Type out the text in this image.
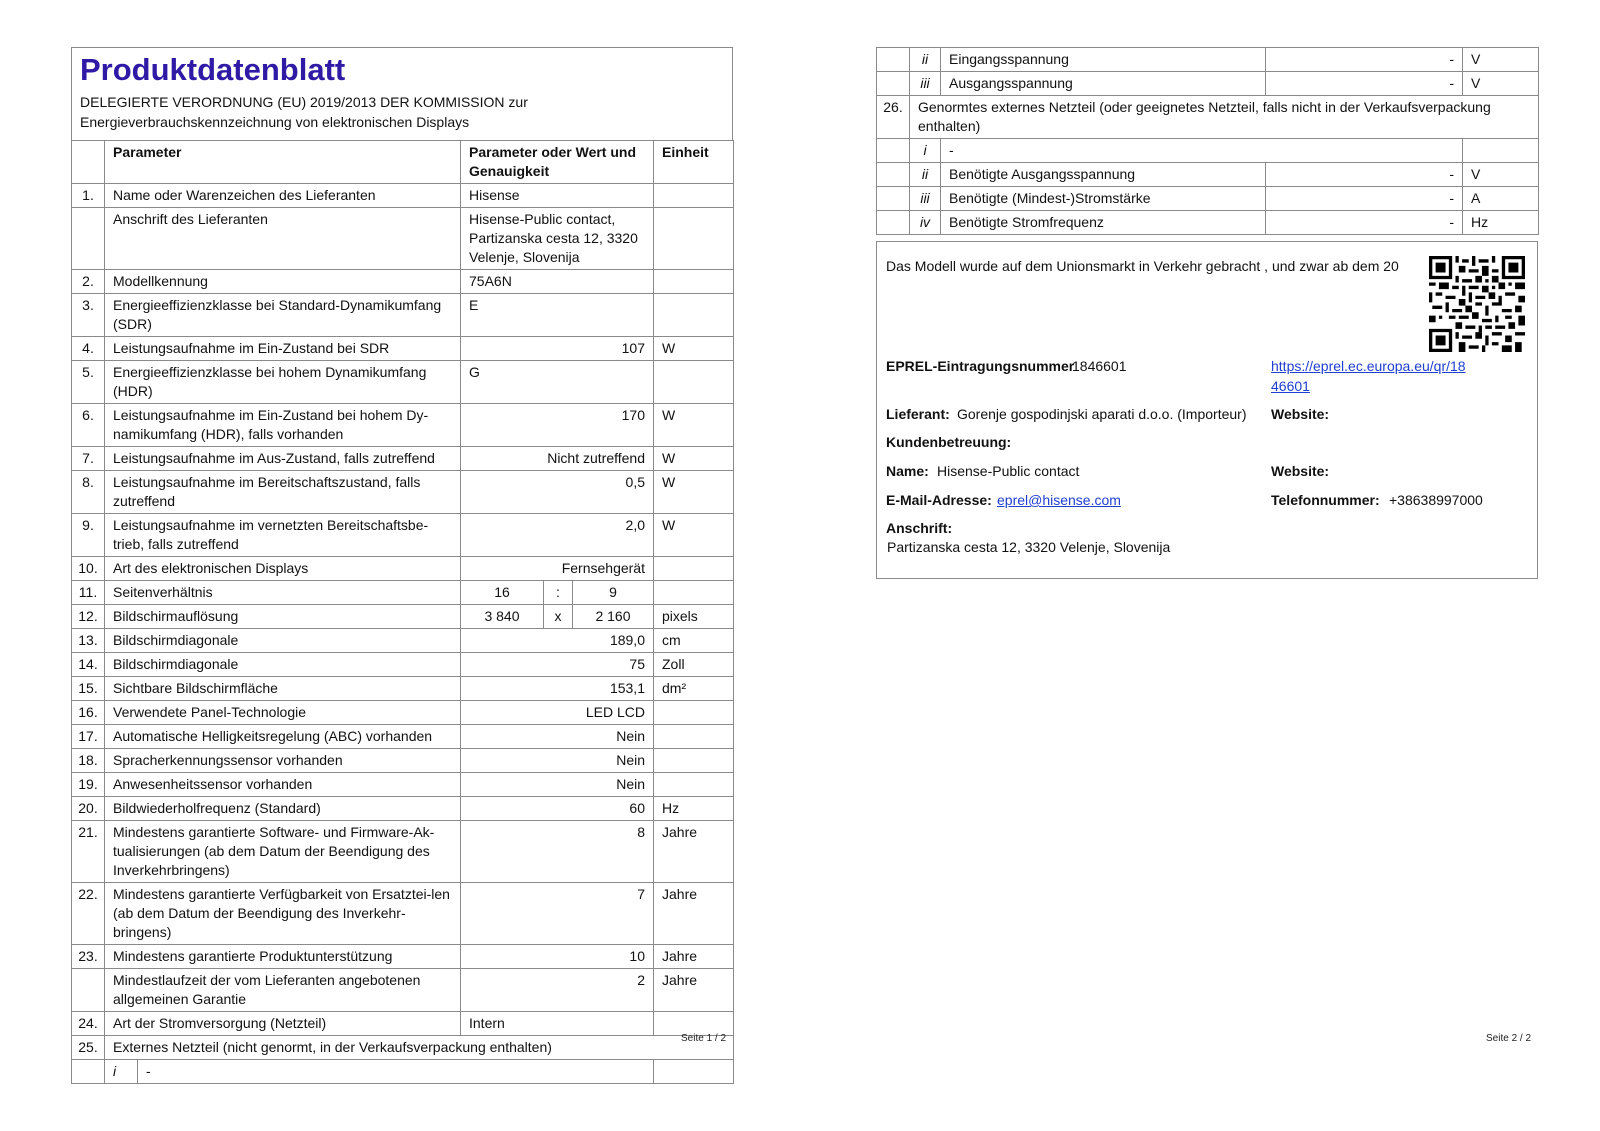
Produktdatenblatt
DELEGIERTE VERORDNUNG (EU) 2019/2013 DER KOMMISSION zur
Energieverbrauchskennzeichnung von elektronischen Displays
	Parameter		Parameter oder Wert und Genauigkeit			Einheit
1.	Name oder Warenzeichen des Lieferanten		Hisense			
	Anschrift des Lieferanten		Hisense-Public contact, Partizanska cesta 12, 3320 Velenje, Slovenija			
2.	Modellkennung		75A6N			
3.	Energieeffizienzklasse bei Standard-Dynamikumfang (SDR)		E			
4.	Leistungsaufnahme im Ein-Zustand bei SDR		107			W
5.	Energieeffizienzklasse bei hohem Dynamikumfang (HDR)		G			
6.	Leistungsaufnahme im Ein-Zustand bei hohem Dy-namikumfang (HDR), falls vorhanden		170			W
7.	Leistungsaufnahme im Aus-Zustand, falls zutreffend		Nicht zutreffend			W
8.	Leistungsaufnahme im Bereitschaftszustand, falls zutreffend		0,5			W
9.	Leistungsaufnahme im vernetzten Bereitschaftsbe-trieb, falls zutreffend		2,0			W
10.	Art des elektronischen Displays		Fernsehgerät			
11.	Seitenverhältnis		16	:	9	
12.	Bildschirmauflösung		3 840	x	2 160	pixels
13.	Bildschirmdiagonale		189,0			cm
14.	Bildschirmdiagonale		75			Zoll
15.	Sichtbare Bildschirmfläche		153,1			dm²
16.	Verwendete Panel-Technologie		LED LCD			
17.	Automatische Helligkeitsregelung (ABC) vorhanden		Nein			
18.	Spracherkennungssensor vorhanden		Nein			
19.	Anwesenheitssensor vorhanden		Nein			
20.	Bildwiederholfrequenz (Standard)		60			Hz
21.	Mindestens garantierte Software- und Firmware-Ak-tualisierungen (ab dem Datum der Beendigung des Inverkehrbringens)		8			Jahre
22.	Mindestens garantierte Verfügbarkeit von Ersatztei-len (ab dem Datum der Beendigung des Inverkehr-bringens)		7			Jahre
23.	Mindestens garantierte Produktunterstützung		10			Jahre
	Mindestlaufzeit der vom Lieferanten angebotenen allgemeinen Garantie		2			Jahre
24.	Art der Stromversorgung (Netzteil)		Intern			
25.	Externes Netzteil (nicht genormt, in der Verkaufsverpackung enthalten)					
	i	-				
Seite 1 / 2
	ii	Eingangsspannung	-	V
	iii	Ausgangsspannung	-	V
26.	Genormtes externes Netzteil (oder geeignetes Netzteil, falls nicht in der Verkaufsverpackung enthalten)			
	i	-		
	ii	Benötigte Ausgangsspannung	-	V
	iii	Benötigte (Mindest-)Stromstärke	-	A
	iv	Benötigte Stromfrequenz	-	Hz
Das Modell wurde auf dem Unionsmarkt in Verkehr gebracht , und zwar ab dem 20
EPREL-Eintragungsnummer
1846601	https://eprel.ec.europa.eu/qr/18
46601
Lieferant: Gorenje gospodinjski aparati d.o.o. (Importeur) Website:
Kundenbetreuung:
Name: Hisense-Public contact	Website:
E-Mail-Adresse: eprel@hisense.com	Telefonnummer: +38638997000
Anschrift:
Partizanska cesta 12, 3320 Velenje, Slovenija
Seite 2 / 2
